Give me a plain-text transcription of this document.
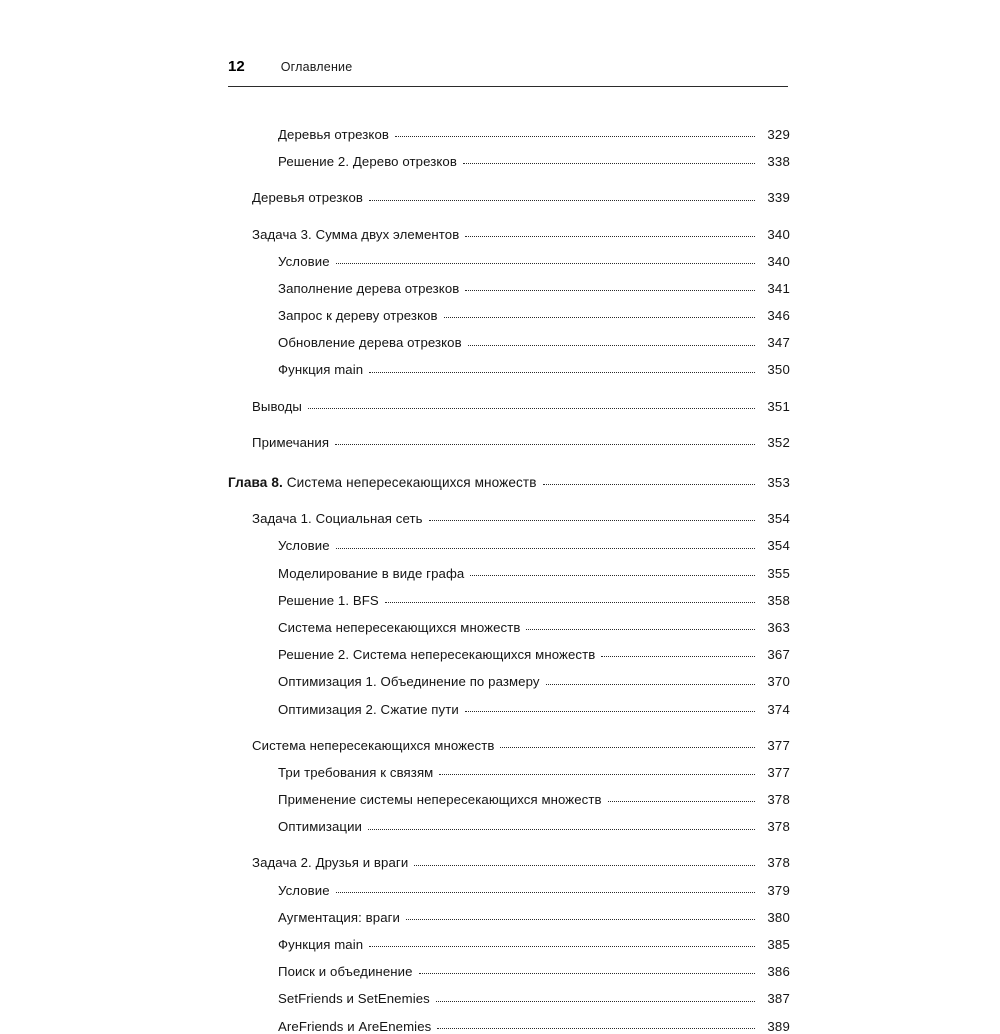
12	Оглавление
Деревья отрезков	329
Решение 2. Дерево отрезков	338
Деревья отрезков	339
Задача 3. Сумма двух элементов	340
Условие	340
Заполнение дерева отрезков	341
Запрос к дереву отрезков	346
Обновление дерева отрезков	347
Функция main	350
Выводы	351
Примечания	352
Глава 8. Система непересекающихся множеств	353
Задача 1. Социальная сеть	354
Условие	354
Моделирование в виде графа	355
Решение 1. BFS	358
Система непересекающихся множеств	363
Решение 2. Система непересекающихся множеств	367
Оптимизация 1. Объединение по размеру	370
Оптимизация 2. Сжатие пути	374
Система непересекающихся множеств	377
Три требования к связям	377
Применение системы непересекающихся множеств	378
Оптимизации	378
Задача 2. Друзья и враги	378
Условие	379
Аугментация: враги	380
Функция main	385
Поиск и объединение	386
SetFriends и SetEnemies	387
AreFriends и AreEnemies	389
